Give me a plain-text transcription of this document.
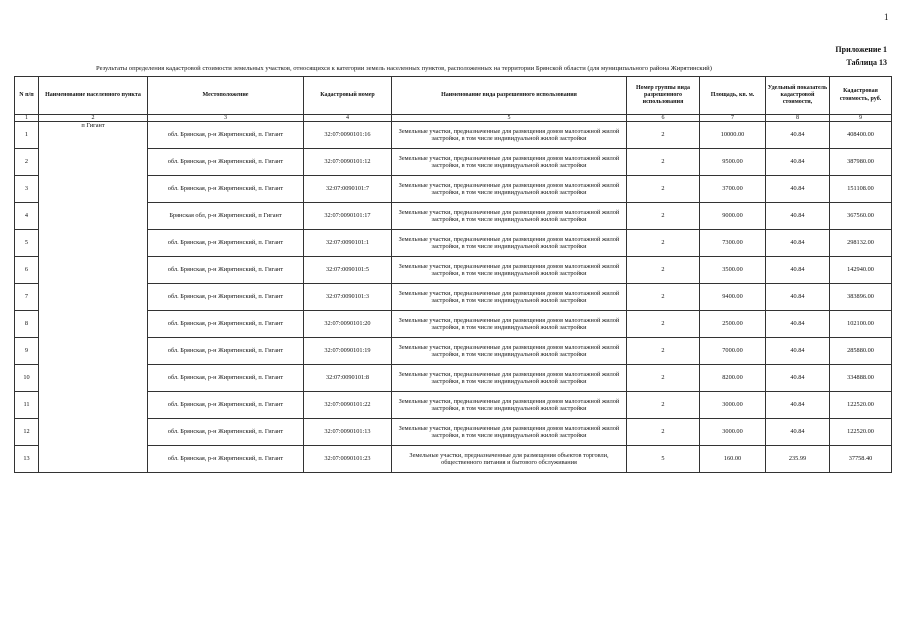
1
Приложение 1
Таблица 13
Результаты определения кадастровой стоимости земельных участков, относящихся к категории земель населенных пунктов, расположенных на территории Брянской области (для муниципального района Жирятинский)
N п/п	Наименование населенного пункта	Местоположение	Кадастровый номер	Наименование вида разрешенного использования	Номер группы вида разрешенного использования	Площадь, кв. м.	Удельный показатель кадастровой стоимости,	Кадастровая стоимость, руб.
1	2	3	4	5	6	7	8	9
1	п Гигант	обл. Брянская, р-н Жирятинский, п. Гигант	32:07:0090101:16	Земельные участки, предназначенные для размещения домов малоэтажной жилой застройки, в том числе индивидуальной жилой застройки	2	10000.00	40.84	408400.00
2		обл. Брянская, р-н Жирятинский, п. Гигант	32:07:0090101:12	Земельные участки, предназначенные для размещения домов малоэтажной жилой застройки, в том числе индивидуальной жилой застройки	2	9500.00	40.84	387980.00
3		обл. Брянская, р-н Жирятинский, п. Гигант	32:07:0090101:7	Земельные участки, предназначенные для размещения домов малоэтажной жилой застройки, в том числе индивидуальной жилой застройки	2	3700.00	40.84	151108.00
4		Брянская обл, р-н Жирятинский, п Гигант	32:07:0090101:17	Земельные участки, предназначенные для размещения домов малоэтажной жилой застройки, в том числе индивидуальной жилой застройки	2	9000.00	40.84	367560.00
5		обл. Брянская, р-н Жирятинский, п. Гигант	32:07:0090101:1	Земельные участки, предназначенные для размещения домов малоэтажной жилой застройки, в том числе индивидуальной жилой застройки	2	7300.00	40.84	298132.00
6		обл. Брянская, р-н Жирятинский, п. Гигант	32:07:0090101:5	Земельные участки, предназначенные для размещения домов малоэтажной жилой застройки, в том числе индивидуальной жилой застройки	2	3500.00	40.84	142940.00
7		обл. Брянская, р-н Жирятинский, п. Гигант	32:07:0090101:3	Земельные участки, предназначенные для размещения домов малоэтажной жилой застройки, в том числе индивидуальной жилой застройки	2	9400.00	40.84	383896.00
8		обл. Брянская, р-н Жирятинский, п. Гигант	32:07:0090101:20	Земельные участки, предназначенные для размещения домов малоэтажной жилой застройки, в том числе индивидуальной жилой застройки	2	2500.00	40.84	102100.00
9		обл. Брянская, р-н Жирятинский, п. Гигант	32:07:0090101:19	Земельные участки, предназначенные для размещения домов малоэтажной жилой застройки, в том числе индивидуальной жилой застройки	2	7000.00	40.84	285880.00
10		обл. Брянская, р-н Жирятинский, п. Гигант	32:07:0090101:8	Земельные участки, предназначенные для размещения домов малоэтажной жилой застройки, в том числе индивидуальной жилой застройки	2	8200.00	40.84	334888.00
11		обл. Брянская, р-н Жирятинский, п. Гигант	32:07:0090101:22	Земельные участки, предназначенные для размещения домов малоэтажной жилой застройки, в том числе индивидуальной жилой застройки	2	3000.00	40.84	122520.00
12		обл. Брянская, р-н Жирятинский, п. Гигант	32:07:0090101:13	Земельные участки, предназначенные для размещения домов малоэтажной жилой застройки, в том числе индивидуальной жилой застройки	2	3000.00	40.84	122520.00
13		обл. Брянская, р-н Жирятинский, п. Гигант	32:07:0090101:23	Земельные участки, предназначенные для размещения объектов торговли, общественного питания и бытового обслуживания	5	160.00	235.99	37758.40
